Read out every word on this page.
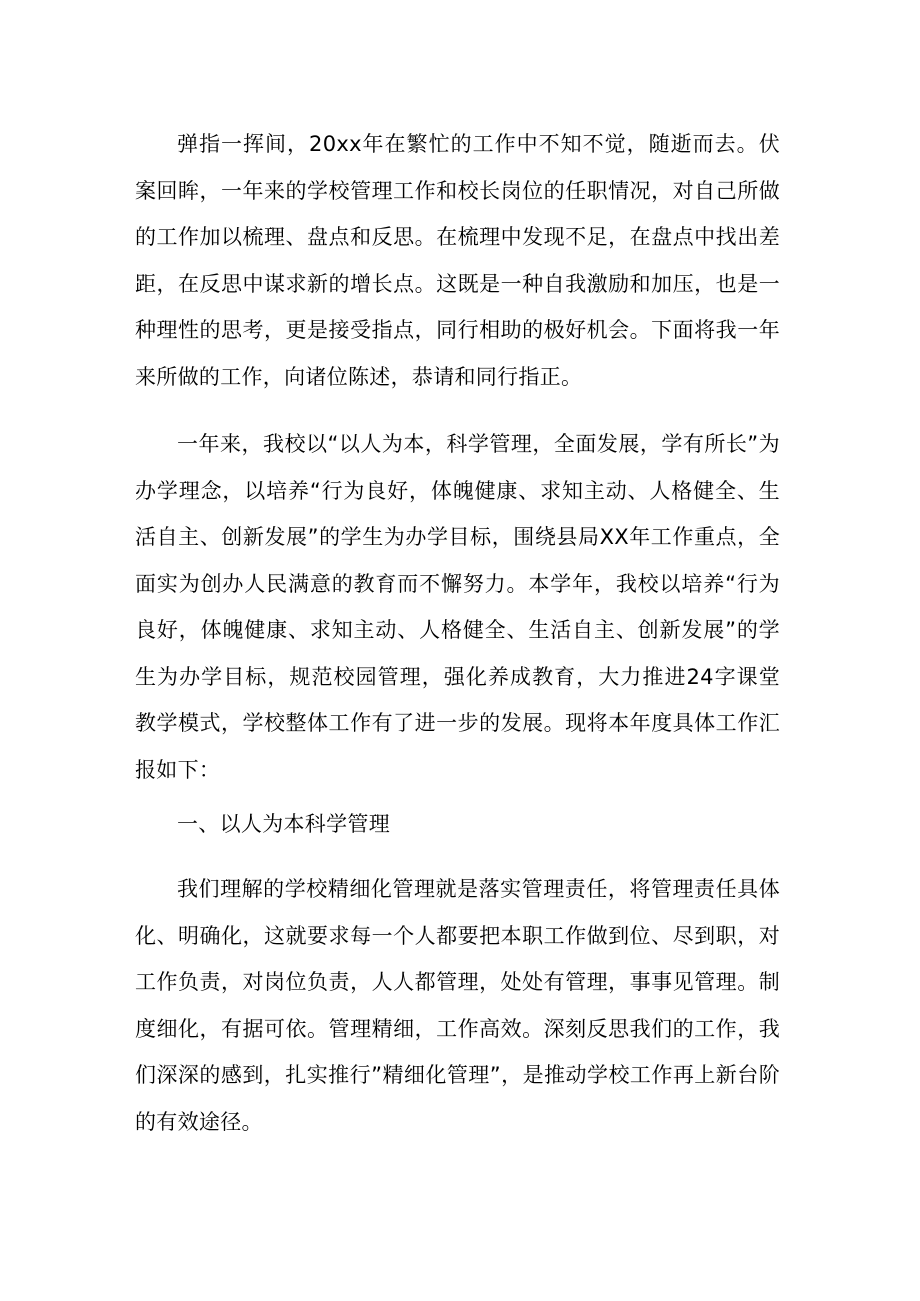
弹指一挥间，20xx年在繁忙的工作中不知不觉，随逝而去。伏案回眸，一年来的学校管理工作和校长岗位的任职情况，对自己所做的工作加以梳理、盘点和反思。在梳理中发现不足，在盘点中找出差距，在反思中谋求新的增长点。这既是一种自我激励和加压，也是一种理性的思考，更是接受指点，同行相助的极好机会。下面将我一年来所做的工作，向诸位陈述，恭请和同行指正。

一年来，我校以“以人为本，科学管理，全面发展，学有所长”为办学理念，以培养“行为良好，体魄健康、求知主动、人格健全、生活自主、创新发展”的学生为办学目标，围绕县局XX年工作重点，全面实为创办人民满意的教育而不懈努力。本学年，我校以培养“行为良好，体魄健康、求知主动、人格健全、生活自主、创新发展”的学生为办学目标，规范校园管理，强化养成教育，大力推进24字课堂教学模式，学校整体工作有了进一步的发展。现将本年度具体工作汇报如下：

一、以人为本科学管理

我们理解的学校精细化管理就是落实管理责任，将管理责任具体化、明确化，这就要求每一个人都要把本职工作做到位、尽到职，对工作负责，对岗位负责，人人都管理，处处有管理，事事见管理。制度细化，有据可依。管理精细，工作高效。深刻反思我们的工作，我们深深的感到，扎实推行”精细化管理”，是推动学校工作再上新台阶的有效途径。
